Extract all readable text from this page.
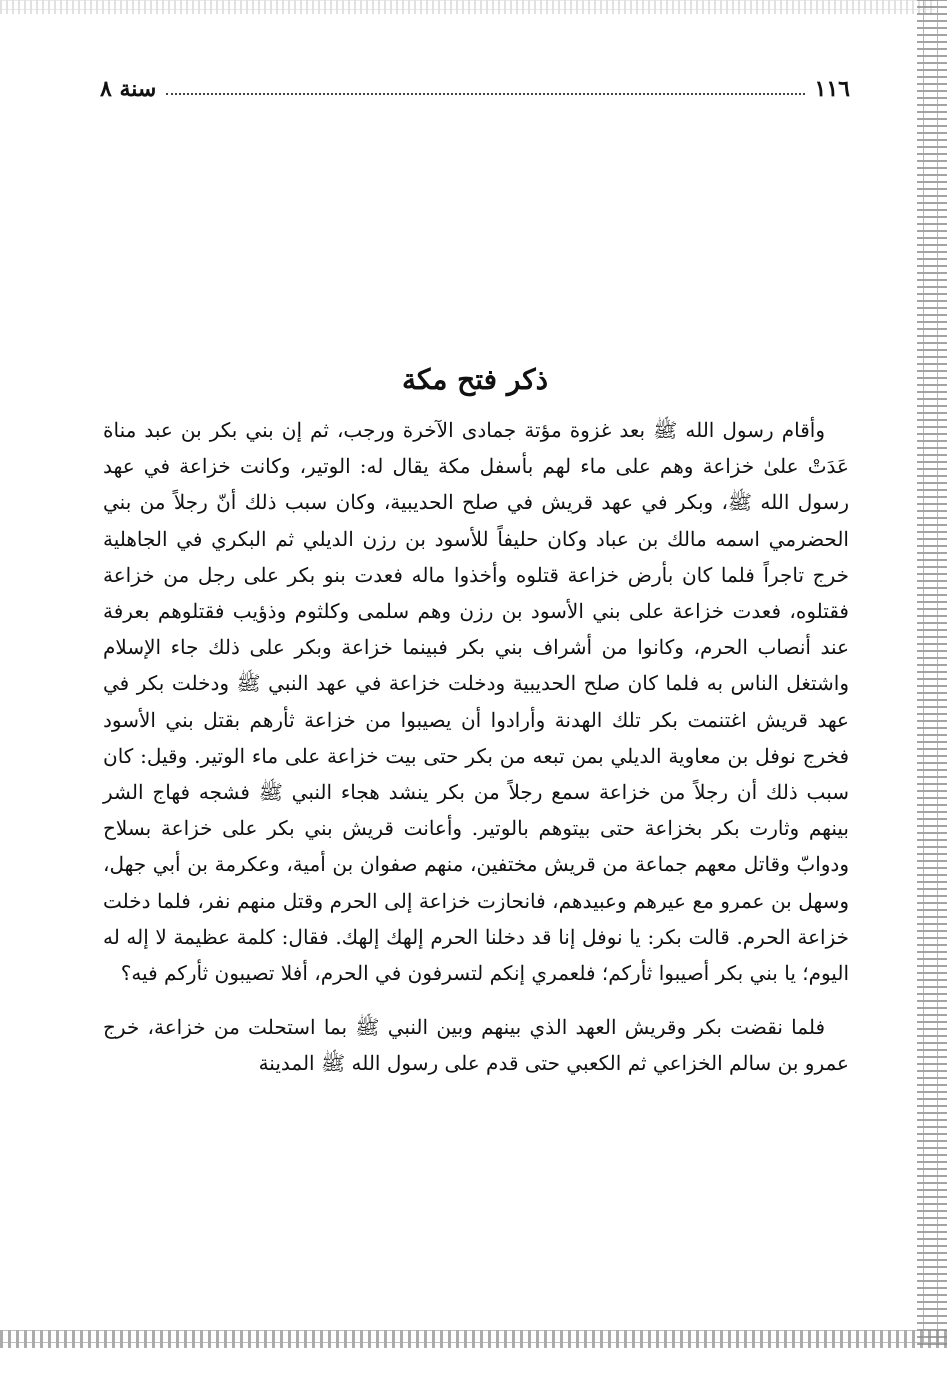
١١٦
سنة ٨
ذكر فتح مكة

وأقام رسول الله ﷺ بعد غزوة مؤتة جمادى الآخرة ورجب، ثم إن بني بكر بن عبد مناة عَدَتْ علىٰ خزاعة وهم على ماء لهم بأسفل مكة يقال له: الوتير، وكانت خزاعة في عهد رسول الله ﷺ، وبكر في عهد قريش في صلح الحديبية، وكان سبب ذلك أنّ رجلاً من بني الحضرمي اسمه مالك بن عباد وكان حليفاً للأسود بن رزن الديلي ثم البكري في الجاهلية خرج تاجراً فلما كان بأرض خزاعة قتلوه وأخذوا ماله فعدت بنو بكر على رجل من خزاعة فقتلوه، فعدت خزاعة على بني الأسود بن رزن وهم سلمى وكلثوم وذؤيب فقتلوهم بعرفة عند أنصاب الحرم، وكانوا من أشراف بني بكر فبينما خزاعة وبكر على ذلك جاء الإسلام واشتغل الناس به فلما كان صلح الحديبية ودخلت خزاعة في عهد النبي ﷺ ودخلت بكر في عهد قريش اغتنمت بكر تلك الهدنة وأرادوا أن يصيبوا من خزاعة ثأرهم بقتل بني الأسود فخرج نوفل بن معاوية الديلي بمن تبعه من بكر حتى بيت خزاعة على ماء الوتير. وقيل: كان سبب ذلك أن رجلاً من خزاعة سمع رجلاً من بكر ينشد هجاء النبي ﷺ فشجه فهاج الشر بينهم وثارت بكر بخزاعة حتى بيتوهم بالوتير. وأعانت قريش بني بكر على خزاعة بسلاح ودوابّ وقاتل معهم جماعة من قريش مختفين، منهم صفوان بن أمية، وعكرمة بن أبي جهل، وسهل بن عمرو مع عيرهم وعبيدهم، فانحازت خزاعة إلى الحرم وقتل منهم نفر، فلما دخلت خزاعة الحرم. قالت بكر: يا نوفل إنا قد دخلنا الحرم إلهك إلهك. فقال: كلمة عظيمة لا إله له اليوم؛ يا بني بكر أصيبوا ثأركم؛ فلعمري إنكم لتسرفون في الحرم، أفلا تصيبون ثأركم فيه؟

فلما نقضت بكر وقريش العهد الذي بينهم وبين النبي ﷺ بما استحلت من خزاعة، خرج عمرو بن سالم الخزاعي ثم الكعبي حتى قدم على رسول الله ﷺ المدينة
